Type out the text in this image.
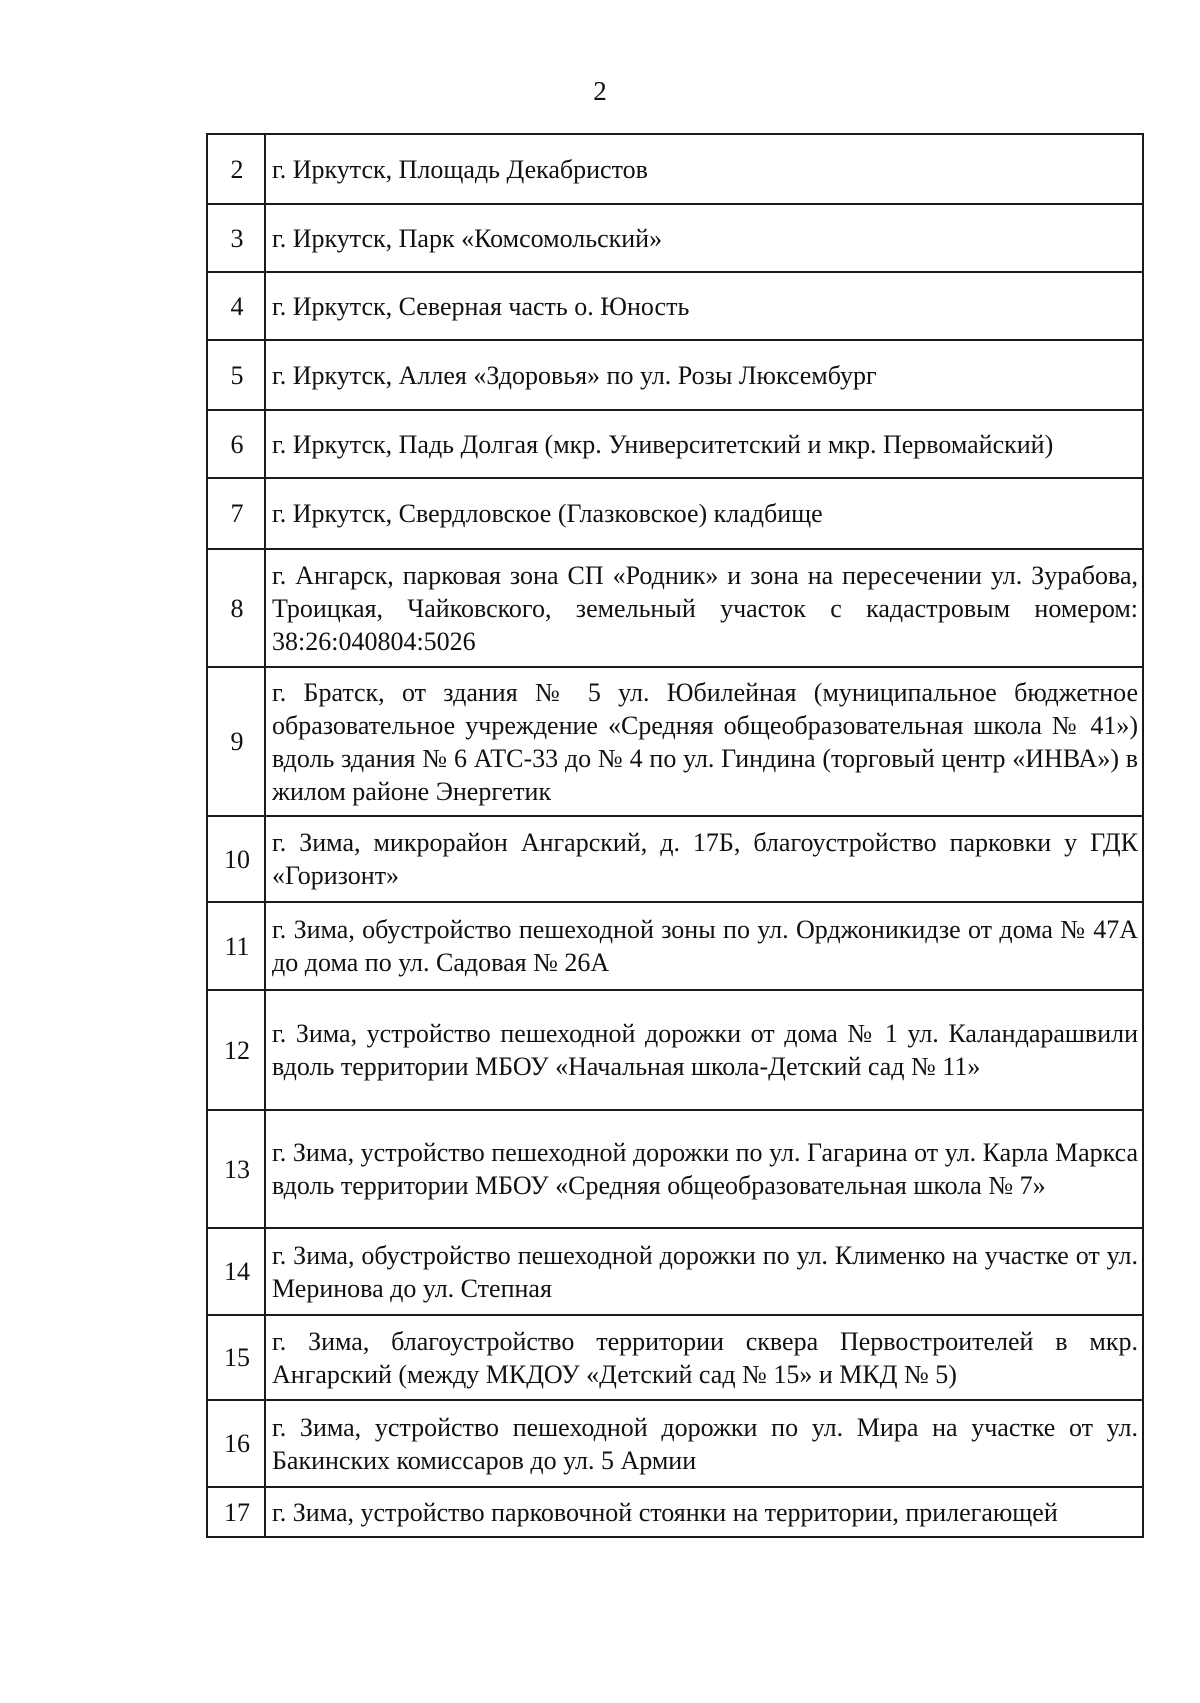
2
2	г. Иркутск, Площадь Декабристов
3	г. Иркутск, Парк «Комсомольский»
4	г. Иркутск, Северная часть о. Юность
5	г. Иркутск, Аллея «Здоровья» по ул. Розы Люксембург
6	г. Иркутск, Падь Долгая (мкр. Университетский и мкр. Первомайский)
7	г. Иркутск, Свердловское (Глазковское) кладбище
8	г. Ангарск, парковая зона СП «Родник» и зона на пересечении ул. Зурабова, Троицкая, Чайковского, земельный участок с кадастровым номером: 38:26:040804:5026
9	г. Братск, от здания № 5 ул. Юбилейная (муниципальное бюджетное образовательное учреждение «Средняя общеобразовательная школа № 41») вдоль здания № 6 АТС-33 до № 4 по ул. Гиндина (торговый центр «ИНВА») в жилом районе Энергетик
10	г. Зима, микрорайон Ангарский, д. 17Б, благоустройство парковки у ГДК «Горизонт»
11	г. Зима, обустройство пешеходной зоны по ул. Орджоникидзе от дома № 47А до дома по ул. Садовая № 26А
12	г. Зима, устройство пешеходной дорожки от дома № 1 ул. Каландарашвили вдоль территории МБОУ «Начальная школа-Детский сад № 11»
13	г. Зима, устройство пешеходной дорожки по ул. Гагарина от ул. Карла Маркса вдоль территории МБОУ «Средняя общеобразовательная школа № 7»
14	г. Зима, обустройство пешеходной дорожки по ул. Клименко на участке от ул. Меринова до ул. Степная
15	г. Зима, благоустройство территории сквера Первостроителей в мкр. Ангарский (между МКДОУ «Детский сад № 15» и МКД № 5)
16	г. Зима, устройство пешеходной дорожки по ул. Мира на участке от ул. Бакинских комиссаров до ул. 5 Армии
17	г. Зима, устройство парковочной стоянки на территории, прилегающей
